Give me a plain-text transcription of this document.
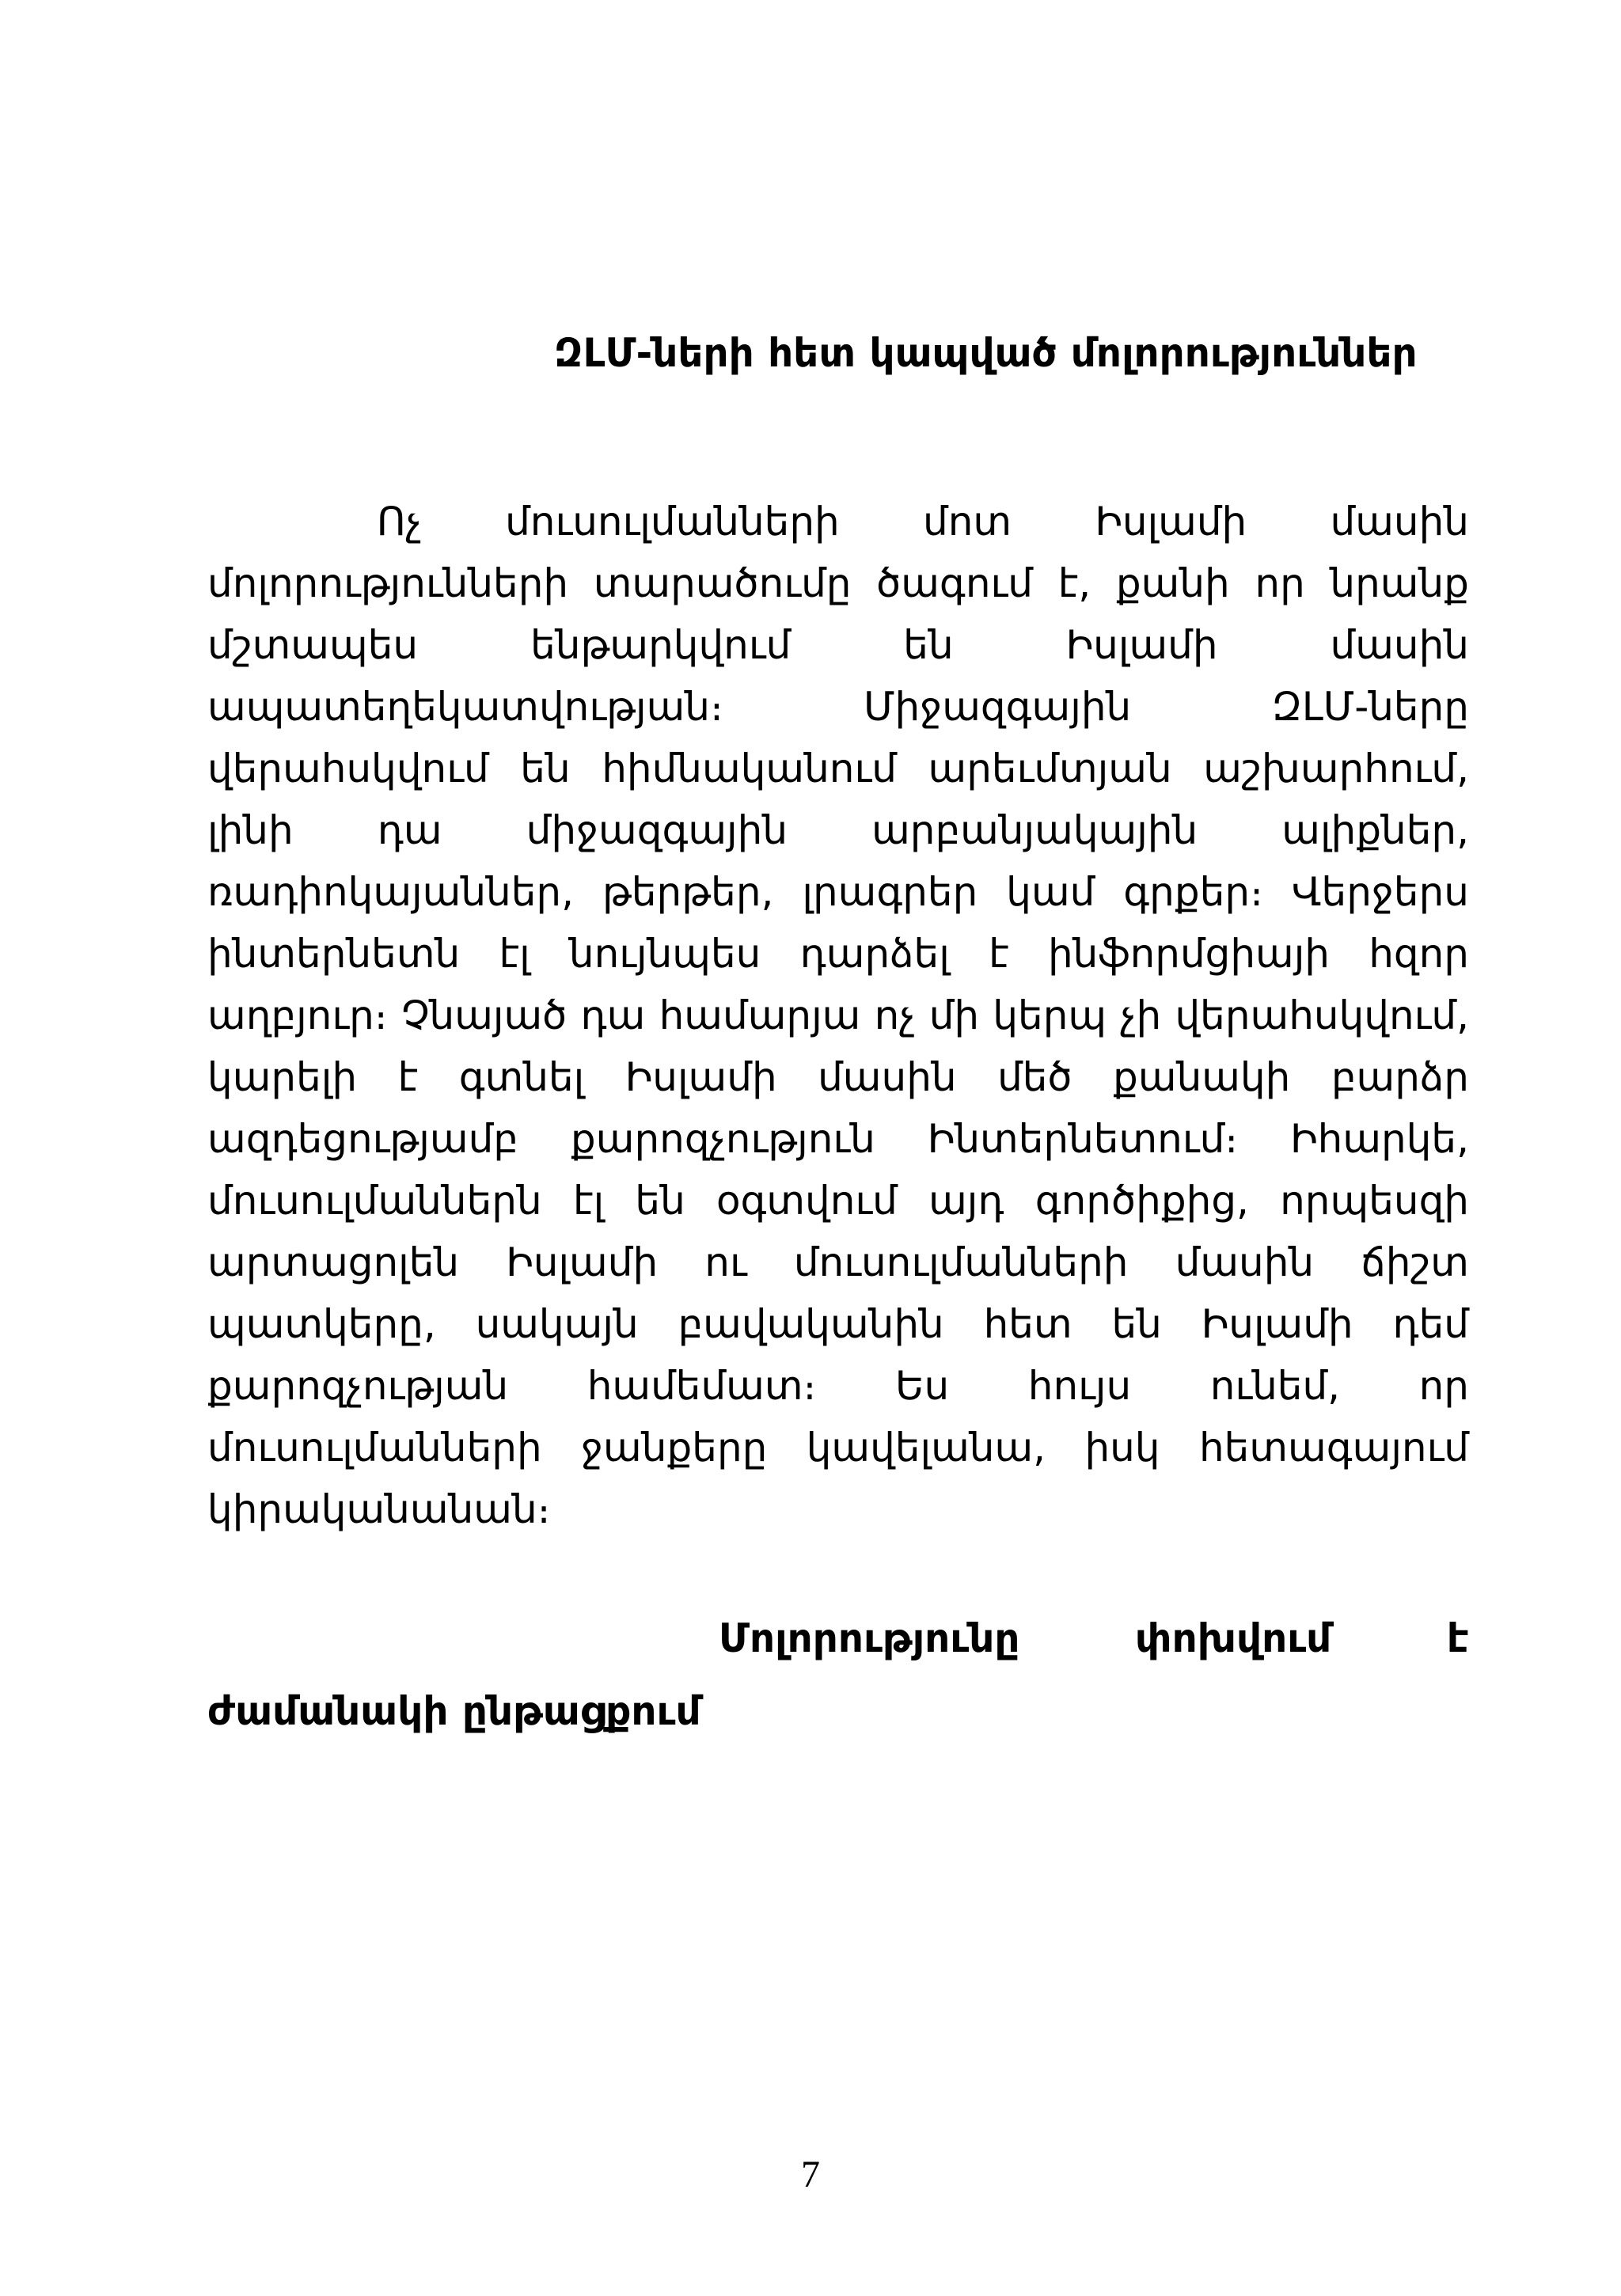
ԶԼՄ-ների հետ կապված մոլորություններ

Ոչ մուսուլմանների մոտ Իսլամի մասին մոլորությունների տարածումը ծագում է, քանի որ նրանք մշտապես ենթարկվում են Իսլամի մասին ապատեղեկատվության։ Միջազգային ԶԼՄ-ները վերահսկվում են հիմնականում արեւմտյան աշխարհում, լինի դա միջազգային արբանյակային ալիքներ, ռադիոկայաններ, թերթեր, լրագրեր կամ գրքեր։ Վերջերս ինտերնետն էլ նույնպես դարձել է ինֆորմցիայի հզոր աղբյուր։ Չնայած դա համարյա ոչ մի կերպ չի վերահսկվում, կարելի է գտնել Իսլամի մասին մեծ քանակի բարձր ազդեցությամբ քարոզչություն Ինտերնետում։ Իհարկե, մուսուլմաններն էլ են օգտվում այդ գործիքից, որպեսզի արտացոլեն Իսլամի ու մուսուլմանների մասին ճիշտ պատկերը, սակայն բավականին հետ են Իսլամի դեմ քարոզչության համեմատ։ Ես հույս ունեմ, որ մուսուլմանների ջանքերը կավելանա, իսկ հետագայում կիրականանան։

Մոլորությունը փոխվում է ժամանակի ընթացքում
7
